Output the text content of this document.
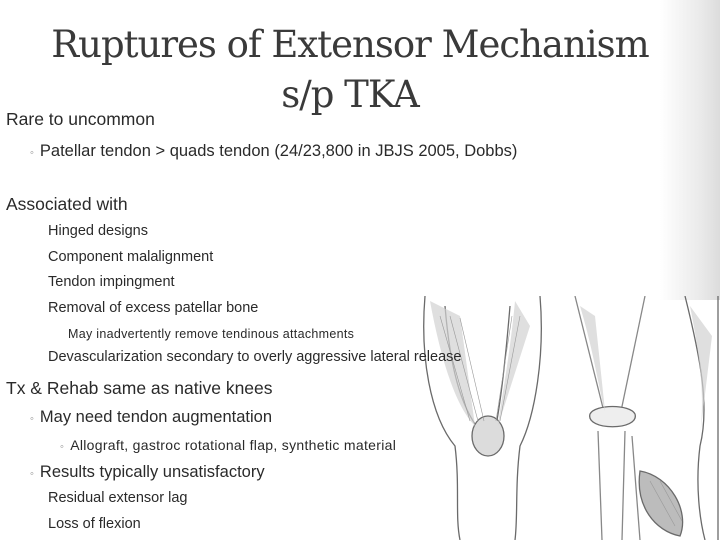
Ruptures of Extensor Mechanism s/p TKA
Rare to uncommon
◦ Patellar tendon > quads tendon (24/23,800 in JBJS 2005, Dobbs)
Associated with
Hinged designs
Component malalignment
Tendon impingment
Removal of excess patellar bone
May inadvertently remove tendinous attachments
Devascularization secondary to overly aggressive lateral release
Tx & Rehab same as native knees
◦ May need tendon augmentation
◦ Allograft, gastroc rotational flap, synthetic material
◦ Results typically unsatisfactory
Residual extensor lag
Loss of flexion
